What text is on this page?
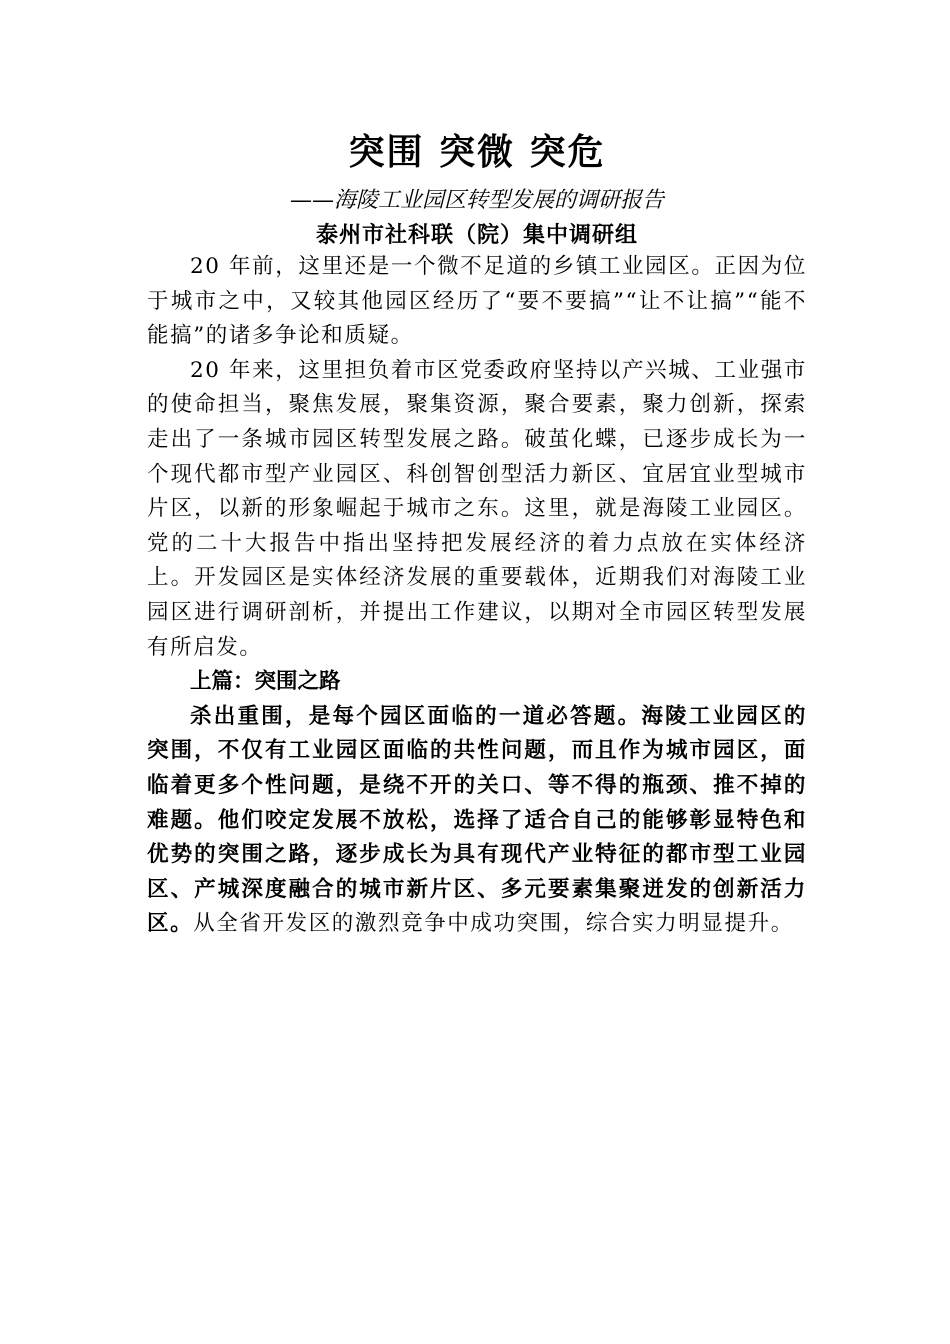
突围 突微 突危
——海陵工业园区转型发展的调研报告
泰州市社科联（院）集中调研组

20 年前，这里还是一个微不足道的乡镇工业园区。正因为位于城市之中，又较其他园区经历了“要不要搞”“让不让搞”“能不能搞”的诸多争论和质疑。

20 年来，这里担负着市区党委政府坚持以产兴城、工业强市的使命担当，聚焦发展，聚集资源，聚合要素，聚力创新，探索走出了一条城市园区转型发展之路。破茧化蝶，已逐步成长为一个现代都市型产业园区、科创智创型活力新区、宜居宜业型城市片区，以新的形象崛起于城市之东。这里，就是海陵工业园区。党的二十大报告中指出坚持把发展经济的着力点放在实体经济上。开发园区是实体经济发展的重要载体，近期我们对海陵工业园区进行调研剖析，并提出工作建议，以期对全市园区转型发展有所启发。

上篇：突围之路

杀出重围，是每个园区面临的一道必答题。海陵工业园区的突围，不仅有工业园区面临的共性问题，而且作为城市园区，面临着更多个性问题，是绕不开的关口、等不得的瓶颈、推不掉的难题。他们咬定发展不放松，选择了适合自己的能够彰显特色和优势的突围之路，逐步成长为具有现代产业特征的都市型工业园区、产城深度融合的城市新片区、多元要素集聚迸发的创新活力区。从全省开发区的激烈竞争中成功突围，综合实力明显提升。
